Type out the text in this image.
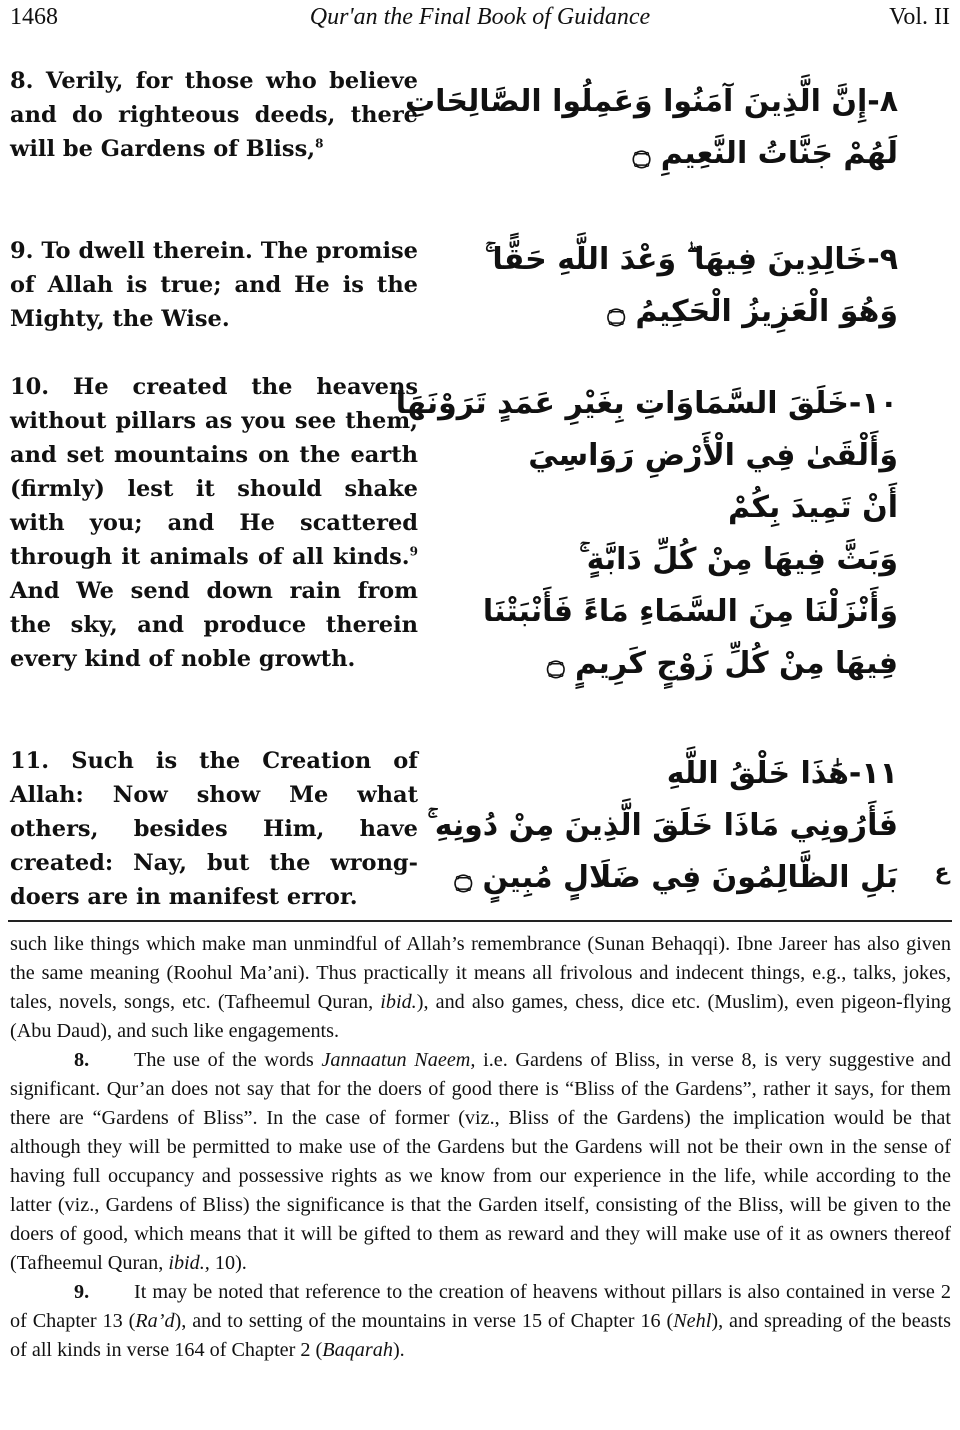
1468	Qur'an the Final Book of Guidance	Vol. II

8. Verily, for those who believe and do righteous deeds, there will be Gardens of Bliss,$^8$

٨-إِنَّ الَّذِينَ آمَنُوا وَعَمِلُوا الصَّالِحَاتِ
لَهُمْ جَنَّاتُ النَّعِيمِ ۝

9. To dwell therein. The promise of Allah is true; and He is the Mighty, the Wise.

٩-خَالِدِينَ فِيهَا ۖ وَعْدَ اللَّهِ حَقًّا ۚ
وَهُوَ الْعَزِيزُ الْحَكِيمُ ۝

10. He created the heavens without pillars as you see them, and set mountains on the earth (firmly) lest it should shake with you; and He scattered through it animals of all kinds.$^9$ And We send down rain from the sky, and produce therein every kind of noble growth.

١٠-خَلَقَ السَّمَاوَاتِ بِغَيْرِ عَمَدٍ تَرَوْنَهَا
وَأَلْقَىٰ فِي الْأَرْضِ رَوَاسِيَ
أَنْ تَمِيدَ بِكُمْ
وَبَثَّ فِيهَا مِنْ كُلِّ دَابَّةٍ ۚ
وَأَنْزَلْنَا مِنَ السَّمَاءِ مَاءً فَأَنْبَتْنَا
فِيهَا مِنْ كُلِّ زَوْجٍ كَرِيمٍ ۝

11. Such is the Creation of Allah: Now show Me what others, besides Him, have created: Nay, but the wrong-doers are in manifest error.

١١-هَٰذَا خَلْقُ اللَّهِ
فَأَرُونِي مَاذَا خَلَقَ الَّذِينَ مِنْ دُونِهِ ۚ
بَلِ الظَّالِمُونَ فِي ضَلَالٍ مُبِينٍ ۝ ع

such like things which make man unmindful of Allah’s remembrance (Sunan Behaqqi). Ibne Jareer has also given the same meaning (Roohul Ma’ani). Thus practically it means all frivolous and indecent things, e.g., talks, jokes, tales, novels, songs, etc. (Tafheemul Quran, ibid.), and also games, chess, dice etc. (Muslim), even pigeon-flying (Abu Daud), and such like engagements.

8. The use of the words Jannaatun Naeem, i.e. Gardens of Bliss, in verse 8, is very suggestive and significant. Qur’an does not say that for the doers of good there is “Bliss of the Gardens”, rather it says, for them there are “Gardens of Bliss”. In the case of former (viz., Bliss of the Gardens) the implication would be that although they will be permitted to make use of the Gardens but the Gardens will not be their own in the sense of having full occupancy and possessive rights as we know from our experience in the life, while according to the latter (viz., Gardens of Bliss) the significance is that the Garden itself, consisting of the Bliss, will be given to the doers of good, which means that it will be gifted to them as reward and they will make use of it as owners thereof (Tafheemul Quran, ibid., 10).

9. It may be noted that reference to the creation of heavens without pillars is also contained in verse 2 of Chapter 13 (Ra’d), and to setting of the mountains in verse 15 of Chapter 16 (Nehl), and spreading of the beasts of all kinds in verse 164 of Chapter 2 (Baqarah).
